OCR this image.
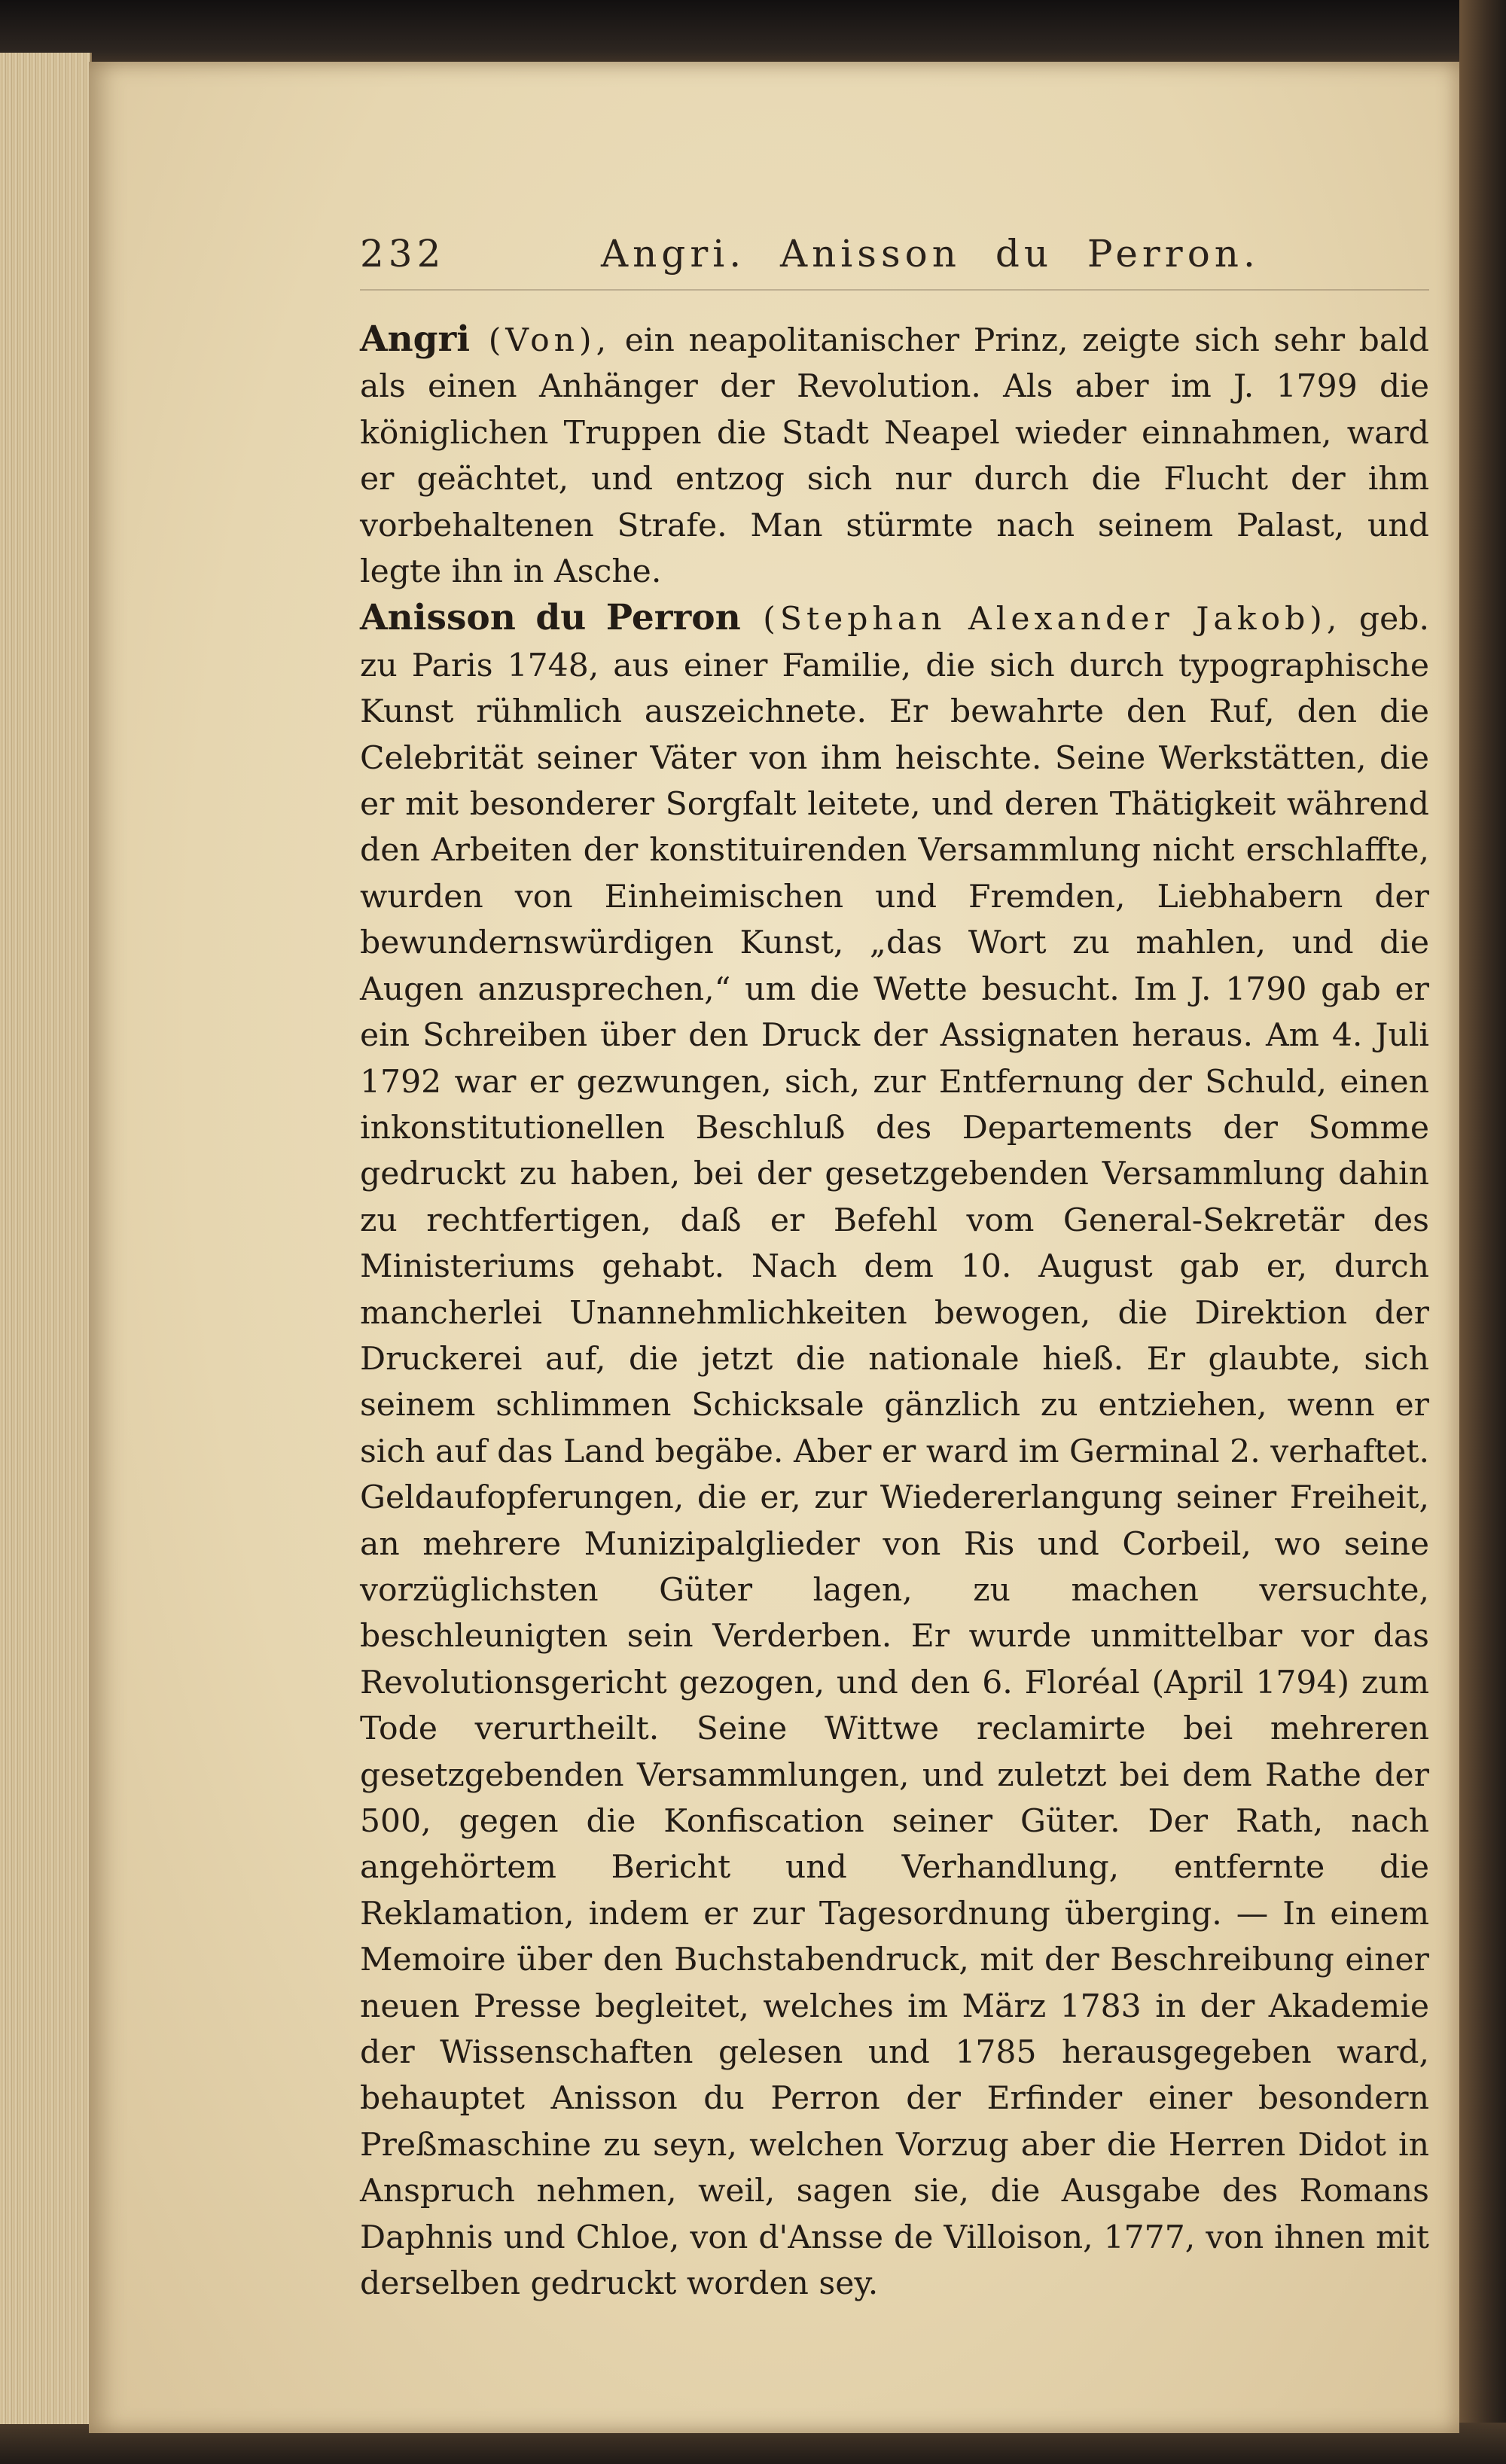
232	Angri. Anisson du Perron.

Angri (Von), ein neapolitanischer Prinz, zeigte sich sehr bald als einen Anhänger der Revolution. Als aber im J. 1799 die königlichen Truppen die Stadt Neapel wieder einnahmen, ward er geächtet, und entzog sich nur durch die Flucht der ihm vorbehaltenen Strafe. Man stürmte nach seinem Palast, und legte ihn in Asche.

Anisson du Perron (Stephan Alexander Jakob), geb. zu Paris 1748, aus einer Familie, die sich durch typographische Kunst rühmlich auszeichnete. Er bewahrte den Ruf, den die Celebrität seiner Väter von ihm heischte. Seine Werkstätten, die er mit besonderer Sorgfalt leitete, und deren Thätigkeit während den Arbeiten der konstituirenden Versammlung nicht erschlaffte, wurden von Einheimischen und Fremden, Liebhabern der bewundernswürdigen Kunst, „das Wort zu mahlen, und die Augen anzusprechen,“ um die Wette besucht. Im J. 1790 gab er ein Schreiben über den Druck der Assignaten heraus. Am 4. Juli 1792 war er gezwungen, sich, zur Entfernung der Schuld, einen inkonstitutionellen Beschluß des Departements der Somme gedruckt zu haben, bei der gesetzgebenden Versammlung dahin zu rechtfertigen, daß er Befehl vom General-Sekretär des Ministeriums gehabt. Nach dem 10. August gab er, durch mancherlei Unannehmlichkeiten bewogen, die Direktion der Druckerei auf, die jetzt die nationale hieß. Er glaubte, sich seinem schlimmen Schicksale gänzlich zu entziehen, wenn er sich auf das Land begäbe. Aber er ward im Germinal 2. verhaftet. Geldaufopferungen, die er, zur Wiedererlangung seiner Freiheit, an mehrere Munizipalglieder von Ris und Corbeil, wo seine vorzüglichsten Güter lagen, zu machen versuchte, beschleunigten sein Verderben. Er wurde unmittelbar vor das Revolutionsgericht gezogen, und den 6. Floréal (April 1794) zum Tode verurtheilt. Seine Wittwe reclamirte bei mehreren gesetzgebenden Versammlungen, und zuletzt bei dem Rathe der 500, gegen die Konfiscation seiner Güter. Der Rath, nach angehörtem Bericht und Verhandlung, entfernte die Reklamation, indem er zur Tagesordnung überging. — In einem Memoire über den Buchstabendruck, mit der Beschreibung einer neuen Presse begleitet, welches im März 1783 in der Akademie der Wissenschaften gelesen und 1785 herausgegeben ward, behauptet Anisson du Perron der Erfinder einer besondern Preßmaschine zu seyn, welchen Vorzug aber die Herren Didot in Anspruch nehmen, weil, sagen sie, die Ausgabe des Romans Daphnis und Chloe, von d'Ansse de Villoison, 1777, von ihnen mit derselben gedruckt worden sey.
